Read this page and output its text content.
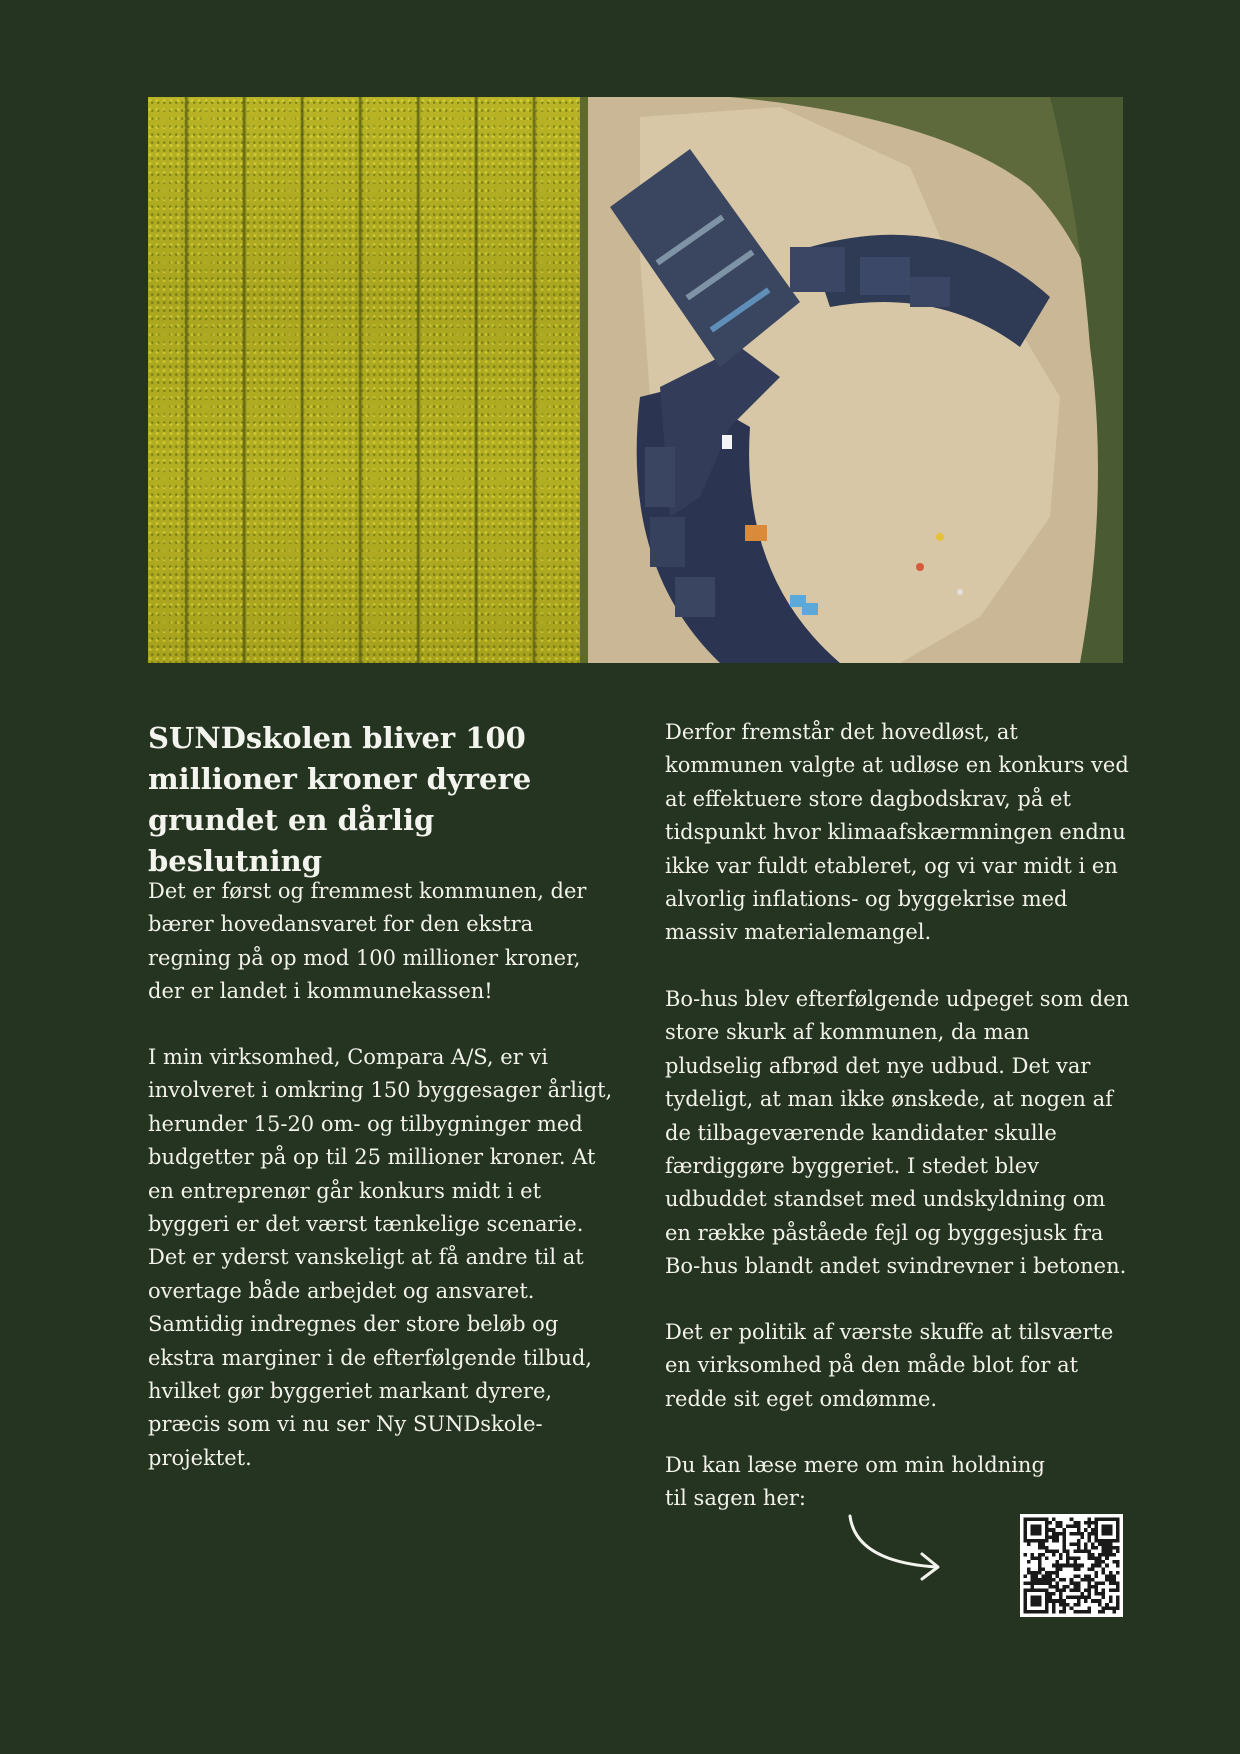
SUNDskolen bliver 100 millioner kroner dyrere grundet en dårlig beslutning

Det er først og fremmest kommunen, der bærer hovedansvaret for den ekstra regning på op mod 100 millioner kroner, der er landet i kommunekassen!

I min virksomhed, Compara A/S, er vi involveret i omkring 150 byggesager årligt, herunder 15-20 om- og tilbygninger med budgetter på op til 25 millioner kroner. At en entreprenør går konkurs midt i et byggeri er det værst tænkelige scenarie. Det er yderst vanskeligt at få andre til at overtage både arbejdet og ansvaret. Samtidig indregnes der store beløb og ekstra marginer i de efterfølgende tilbud, hvilket gør byggeriet markant dyrere, præcis som vi nu ser Ny SUNDskole-projektet.

Derfor fremstår det hovedløst, at kommunen valgte at udløse en konkurs ved at effektuere store dagbodskrav, på et tidspunkt hvor klimaafskærmningen endnu ikke var fuldt etableret, og vi var midt i en alvorlig inflations- og byggekrise med massiv materialemangel.

Bo-hus blev efterfølgende udpeget som den store skurk af kommunen, da man pludselig afbrød det nye udbud. Det var tydeligt, at man ikke ønskede, at nogen af de tilbageværende kandidater skulle færdiggøre byggeriet. I stedet blev udbuddet standset med undskyldning om en række påståede fejl og byggesjusk fra Bo-hus blandt andet svindrevner i betonen.

Det er politik af værste skuffe at tilsværte en virksomhed på den måde blot for at redde sit eget omdømme.

Du kan læse mere om min holdning til sagen her:
